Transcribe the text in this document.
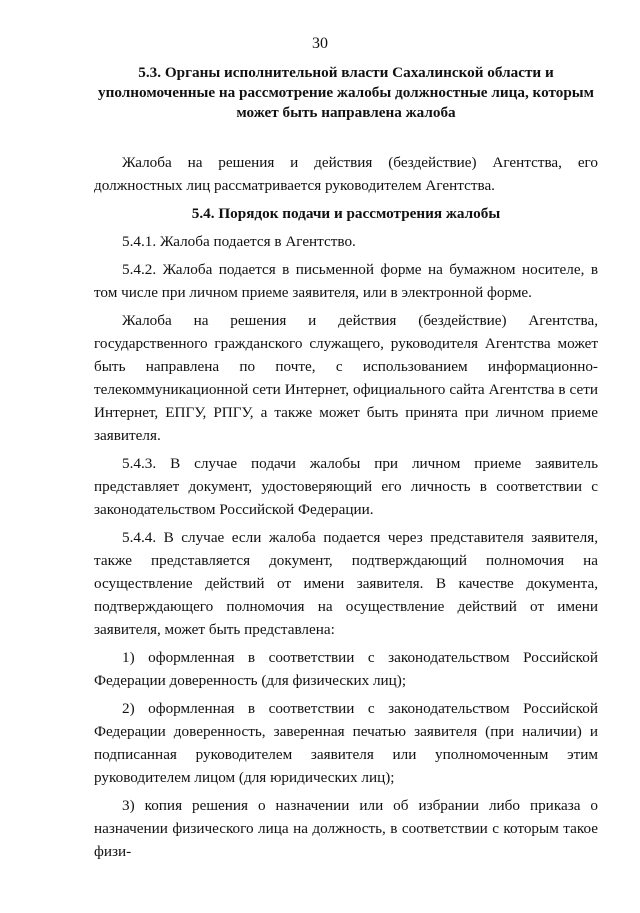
30

5.3. Органы исполнительной власти Сахалинской области и уполномоченные на рассмотрение жалобы должностные лица, которым может быть направлена жалоба

Жалоба на решения и действия (бездействие) Агентства, его должностных лиц рассматривается руководителем Агентства.

5.4. Порядок подачи и рассмотрения жалобы

5.4.1. Жалоба подается в Агентство.

5.4.2. Жалоба подается в письменной форме на бумажном носителе, в том числе при личном приеме заявителя, или в электронной форме.

Жалоба на решения и действия (бездействие) Агентства, государственного гражданского служащего, руководителя Агентства может быть направлена по почте, с использованием информационно-телекоммуникационной сети Интернет, официального сайта Агентства в сети Интернет, ЕПГУ, РПГУ, а также может быть принята при личном приеме заявителя.

5.4.3. В случае подачи жалобы при личном приеме заявитель представляет документ, удостоверяющий его личность в соответствии с законодательством Российской Федерации.

5.4.4. В случае если жалоба подается через представителя заявителя, также представляется документ, подтверждающий полномочия на осуществление действий от имени заявителя. В качестве документа, подтверждающего полномочия на осуществление действий от имени заявителя, может быть представлена:

1) оформленная в соответствии с законодательством Российской Федерации доверенность (для физических лиц);

2) оформленная в соответствии с законодательством Российской Федерации доверенность, заверенная печатью заявителя (при наличии) и подписанная руководителем заявителя или уполномоченным этим руководителем лицом (для юридических лиц);

3) копия решения о назначении или об избрании либо приказа о назначении физического лица на должность, в соответствии с которым такое физи-
